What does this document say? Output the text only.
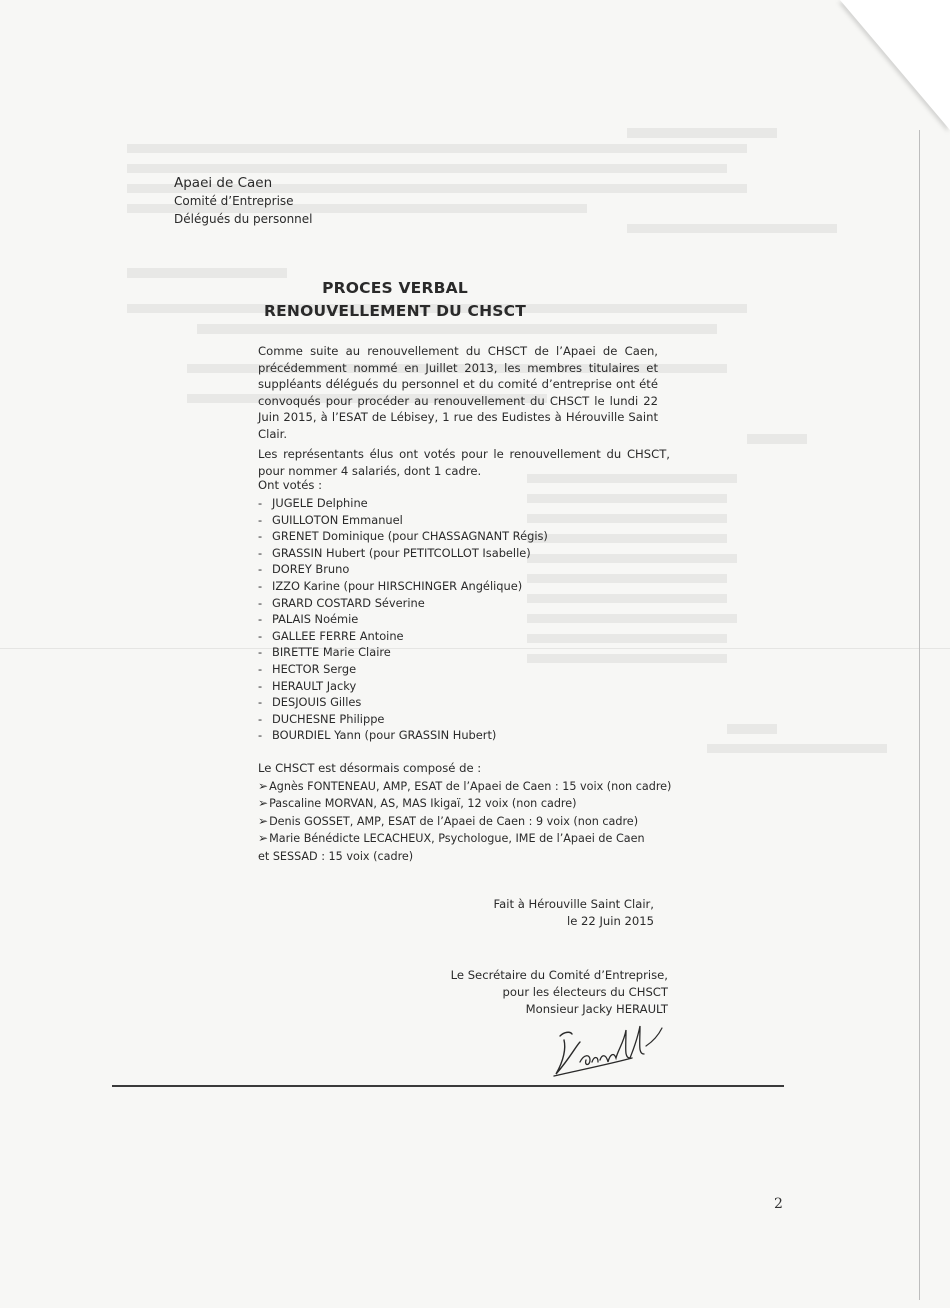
Apaei de Caen
Comité d’Entreprise
Délégués du personnel
PROCES VERBAL
RENOUVELLEMENT DU CHSCT
Comme suite au renouvellement du CHSCT de l’Apaei de Caen, précédemment nommé en Juillet 2013, les membres titulaires et suppléants délégués du personnel et du comité d’entreprise ont été convoqués pour procéder au renouvellement du CHSCT le lundi 22 Juin 2015, à l’ESAT de Lébisey, 1 rue des Eudistes à Hérouville Saint Clair.
Les représentants élus ont votés pour le renouvellement du CHSCT, pour nommer 4 salariés, dont 1 cadre.
Ont votés :
- JUGELE Delphine
- GUILLOTON Emmanuel
- GRENET Dominique (pour CHASSAGNANT Régis)
- GRASSIN Hubert (pour PETITCOLLOT Isabelle)
- DOREY Bruno
- IZZO Karine (pour HIRSCHINGER Angélique)
- GRARD COSTARD Séverine
- PALAIS Noémie
- GALLEE FERRE Antoine
- BIRETTE Marie Claire
- HECTOR Serge
- HERAULT Jacky
- DESJOUIS Gilles
- DUCHESNE Philippe
- BOURDIEL Yann (pour GRASSIN Hubert)
Le CHSCT est désormais composé de :
➢Agnès FONTENEAU, AMP, ESAT de l’Apaei de Caen : 15 voix (non cadre)
➢Pascaline MORVAN, AS, MAS Ikigaï, 12 voix (non cadre)
➢Denis GOSSET, AMP, ESAT de l’Apaei de Caen : 9 voix (non cadre)
➢Marie Bénédicte LECACHEUX, Psychologue, IME de l’Apaei de Caen
et SESSAD : 15 voix (cadre)
Fait à Hérouville Saint Clair,
le 22 Juin 2015
Le Secrétaire du Comité d’Entreprise,
pour les électeurs du CHSCT
Monsieur Jacky HERAULT
2
